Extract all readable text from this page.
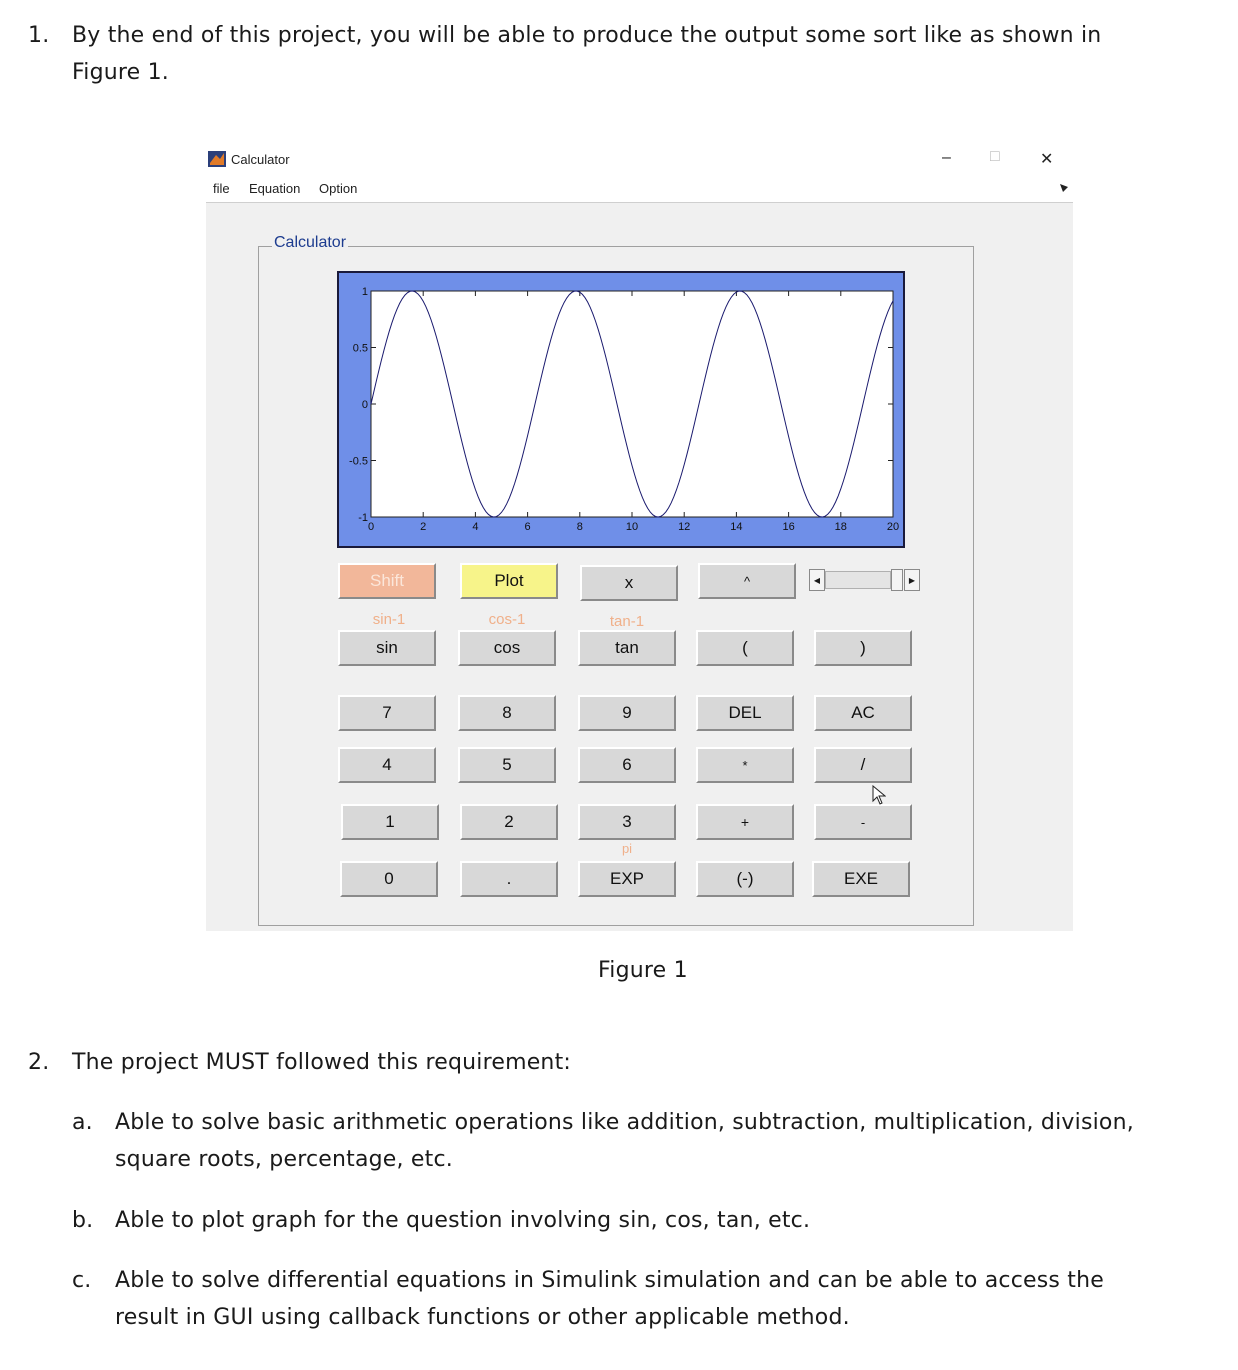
1. By the end of this project, you will be able to produce the output some sort like as shown in
Figure 1.
Calculator	– □	✕
file Equation Option
Calculator
0	2	4	6	8	10	12	14	16	18	20
-1
-0.5
0
0.5
1
Shift	Plot	x	^	◀	▶
sin-1	cos-1	tan-1
sin	cos	tan	(	)
7	8	9	DEL	AC
4	5	6	*	/
1	2	3	+	-
pi
0	.	EXP	(-)	EXE
Figure 1
2. The project MUST followed this requirement:
a. Able to solve basic arithmetic operations like addition, subtraction, multiplication, division,
square roots, percentage, etc.
b. Able to plot graph for the question involving sin, cos, tan, etc.
c. Able to solve differential equations in Simulink simulation and can be able to access the
result in GUI using callback functions or other applicable method.
